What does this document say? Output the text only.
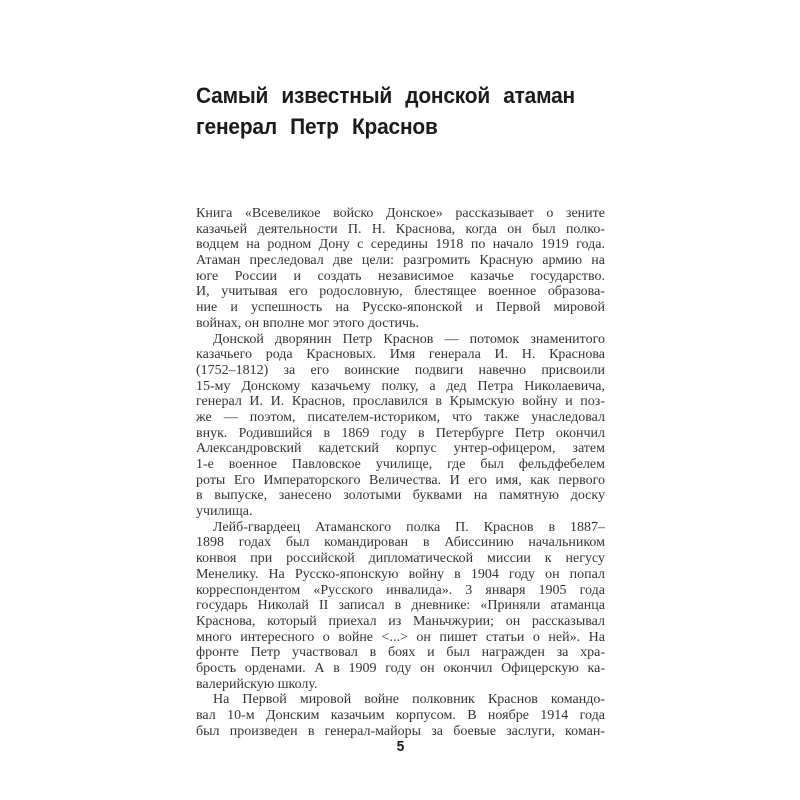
Самый известный донской атаман
генерал Петр Краснов

Книга «Всевеликое войско Донское» рассказывает о зените
казачьей деятельности П. Н. Краснова, когда он был полко-
водцем на родном Дону с середины 1918 по начало 1919 года.
Атаман преследовал две цели: разгромить Красную армию на
юге России и создать независимое казачье государство.
И, учитывая его родословную, блестящее военное образова-
ние и успешность на Русско-японской и Первой мировой
войнах, он вполне мог этого достичь.

Донской дворянин Петр Краснов — потомок знаменитого
казачьего рода Красновых. Имя генерала И. Н. Краснова
(1752–1812) за его воинские подвиги навечно присвоили
15-му Донскому казачьему полку, а дед Петра Николаевича,
генерал И. И. Краснов, прославился в Крымскую войну и поз-
же — поэтом, писателем-историком, что также унаследовал
внук. Родившийся в 1869 году в Петербурге Петр окончил
Александровский кадетский корпус унтер-офицером, затем
1-е военное Павловское училище, где был фельдфебелем
роты Его Императорского Величества. И его имя, как первого
в выпуске, занесено золотыми буквами на памятную доску
училища.

Лейб-гвардеец Атаманского полка П. Краснов в 1887–
1898 годах был командирован в Абиссинию начальником
конвоя при российской дипломатической миссии к негусу
Менелику. На Русско-японскую войну в 1904 году он попал
корреспондентом «Русского инвалида». 3 января 1905 года
государь Николай II записал в дневнике: «Приняли атаманца
Краснова, который приехал из Маньчжурии; он рассказывал
много интересного о войне <...> он пишет статьи о ней». На
фронте Петр участвовал в боях и был награжден за хра-
брость орденами. А в 1909 году он окончил Офицерскую ка-
валерийскую школу.

На Первой мировой войне полковник Краснов командо-
вал 10-м Донским казачьим корпусом. В ноябре 1914 года
был произведен в генерал-майоры за боевые заслуги, коман-

5
